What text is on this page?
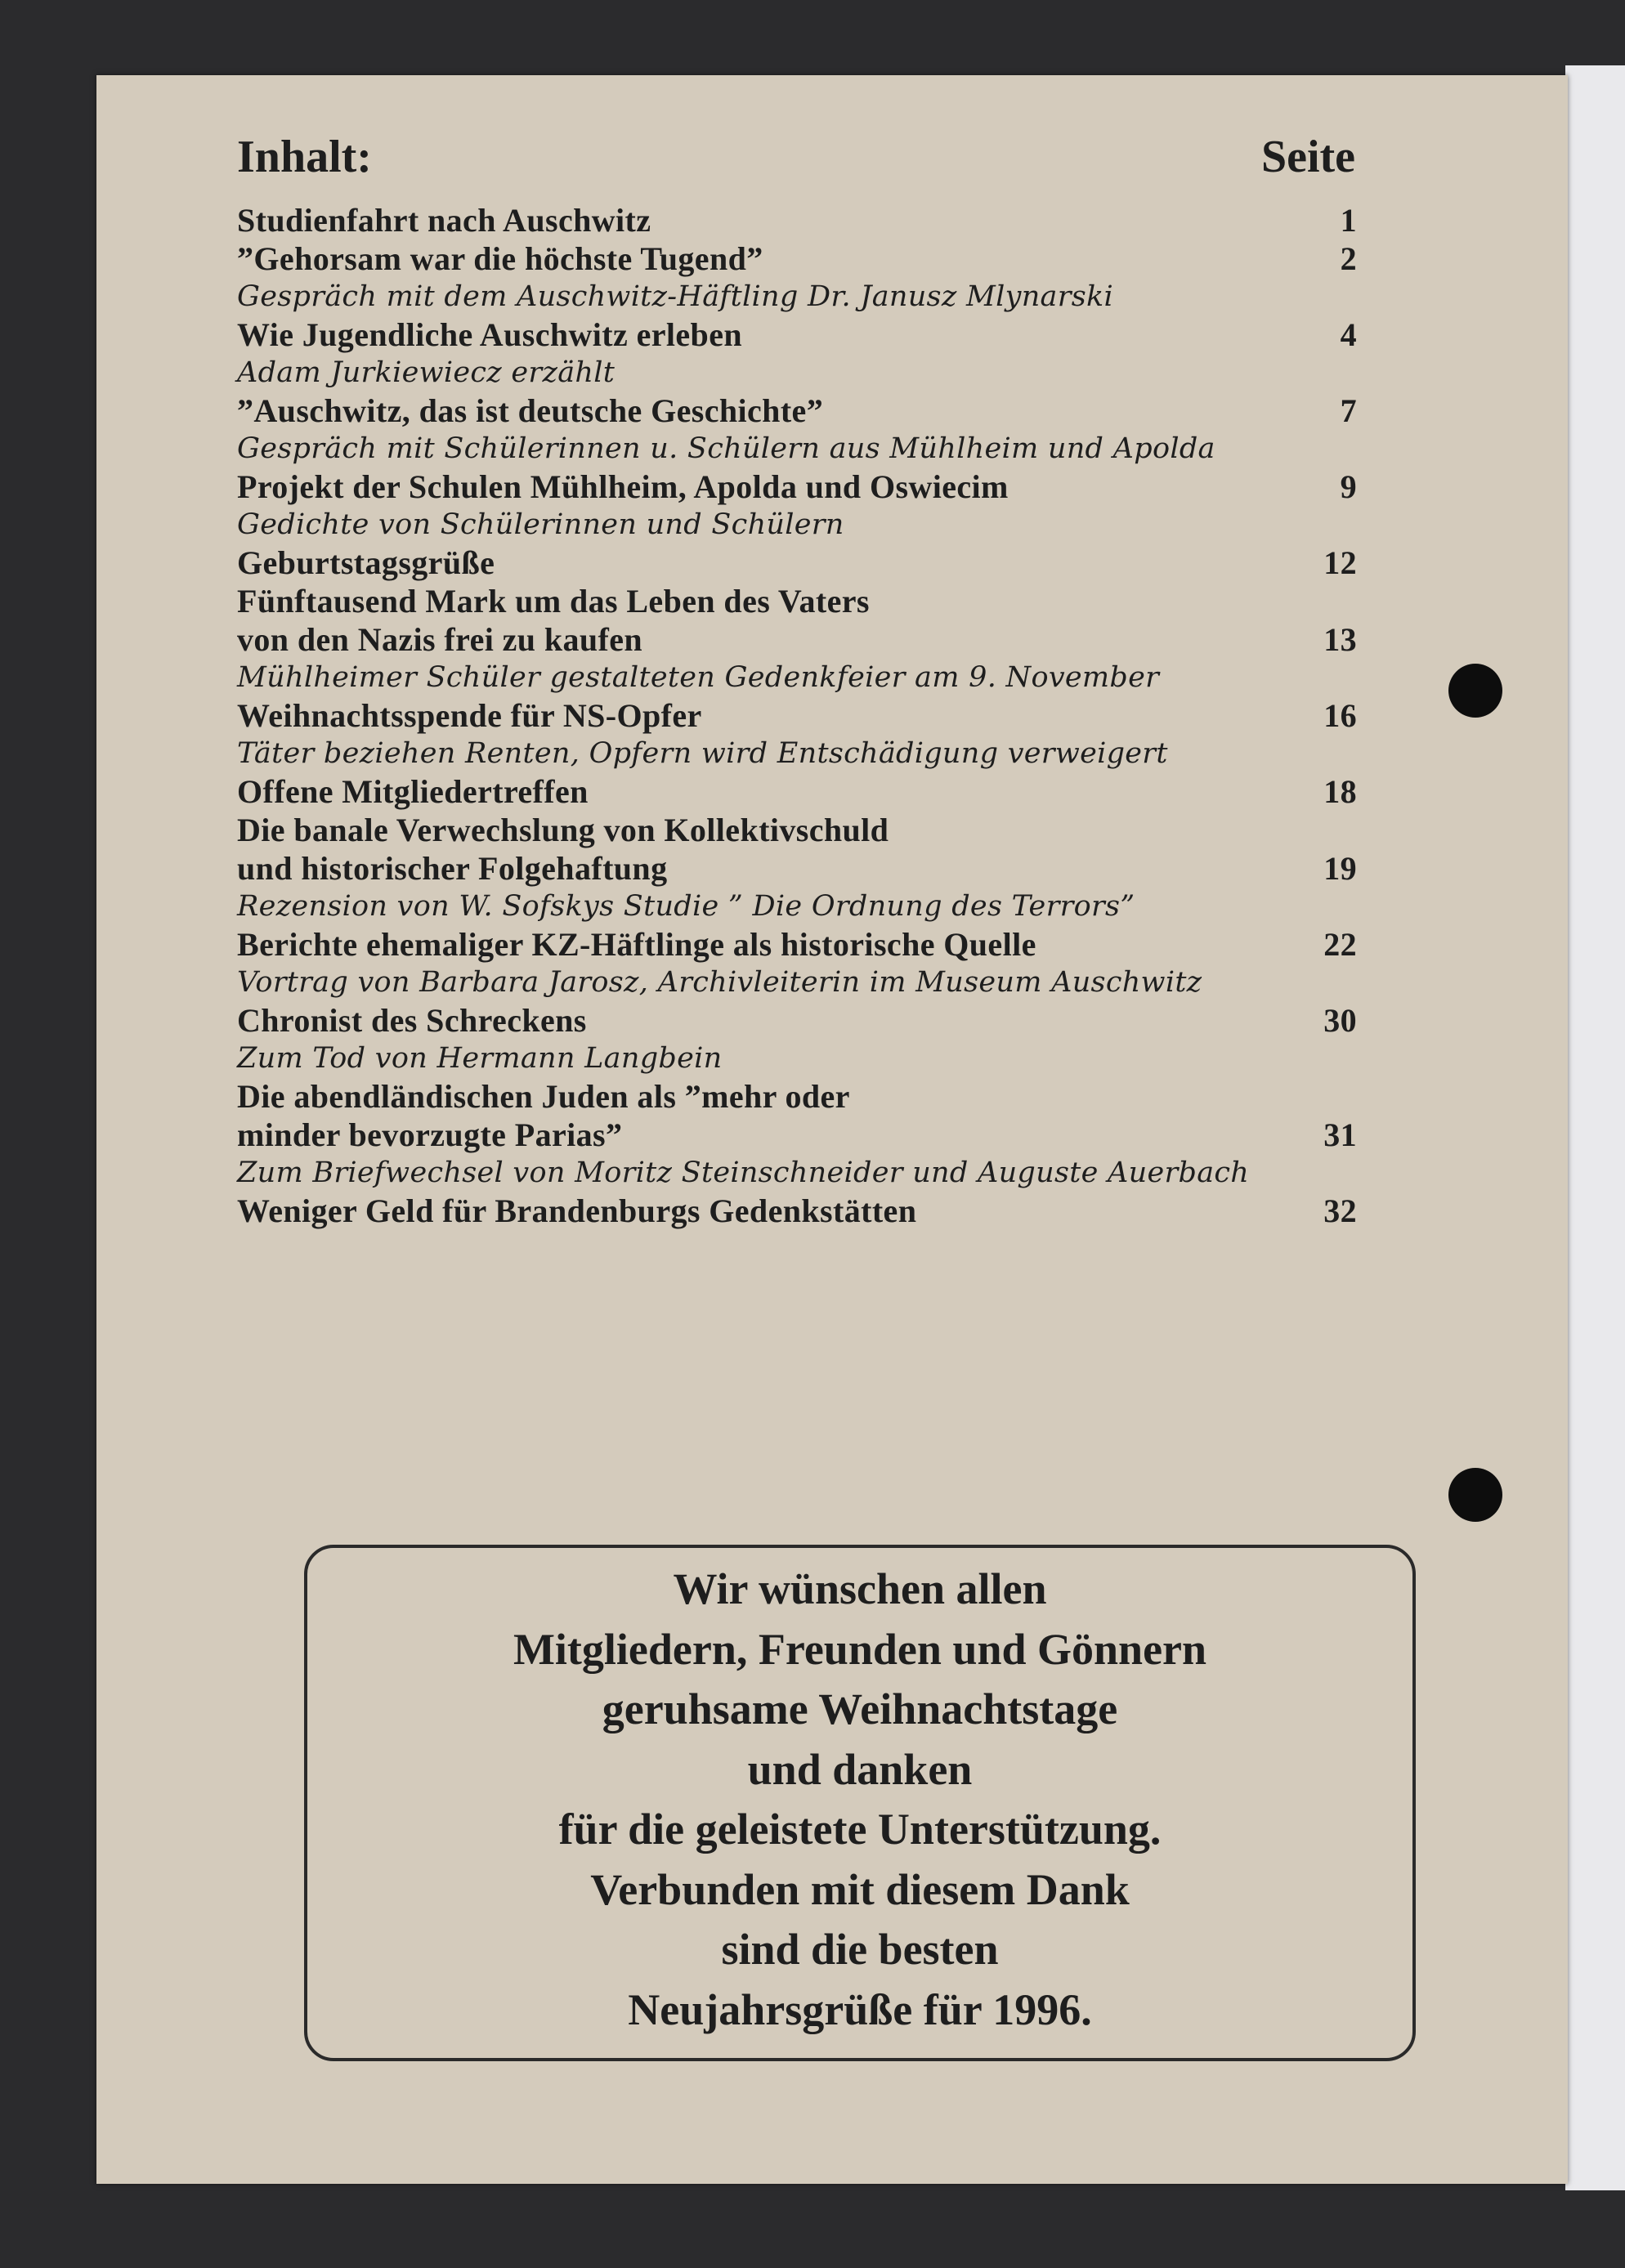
Inhalt:	Seite
Studienfahrt nach Auschwitz	1
”Gehorsam war die höchste Tugend”	2
Gespräch mit dem Auschwitz-Häftling Dr. Janusz Mlynarski
Wie Jugendliche Auschwitz erleben	4
Adam Jurkiewiecz erzählt
”Auschwitz, das ist deutsche Geschichte”	7
Gespräch mit Schülerinnen u. Schülern aus Mühlheim und Apolda
Projekt der Schulen Mühlheim, Apolda und Oswiecim	9
Gedichte von Schülerinnen und Schülern
Geburtstagsgrüße	12
Fünftausend Mark um das Leben des Vaters
von den Nazis frei zu kaufen	13
Mühlheimer Schüler gestalteten Gedenkfeier am 9. November
Weihnachtsspende für NS-Opfer	16
Täter beziehen Renten, Opfern wird Entschädigung verweigert
Offene Mitgliedertreffen	18
Die banale Verwechslung von Kollektivschuld
und historischer Folgehaftung	19
Rezension von W. Sofskys Studie ” Die Ordnung des Terrors”
Berichte ehemaliger KZ-Häftlinge als historische Quelle	22
Vortrag von Barbara Jarosz, Archivleiterin im Museum Auschwitz
Chronist des Schreckens	30
Zum Tod von Hermann Langbein
Die abendländischen Juden als ”mehr oder
minder bevorzugte Parias”	31
Zum Briefwechsel von Moritz Steinschneider und Auguste Auerbach
Weniger Geld für Brandenburgs Gedenkstätten	32
Wir wünschen allen
Mitgliedern, Freunden und Gönnern
geruhsame Weihnachtstage
und danken
für die geleistete Unterstützung.
Verbunden mit diesem Dank
sind die besten
Neujahrsgrüße für 1996.
